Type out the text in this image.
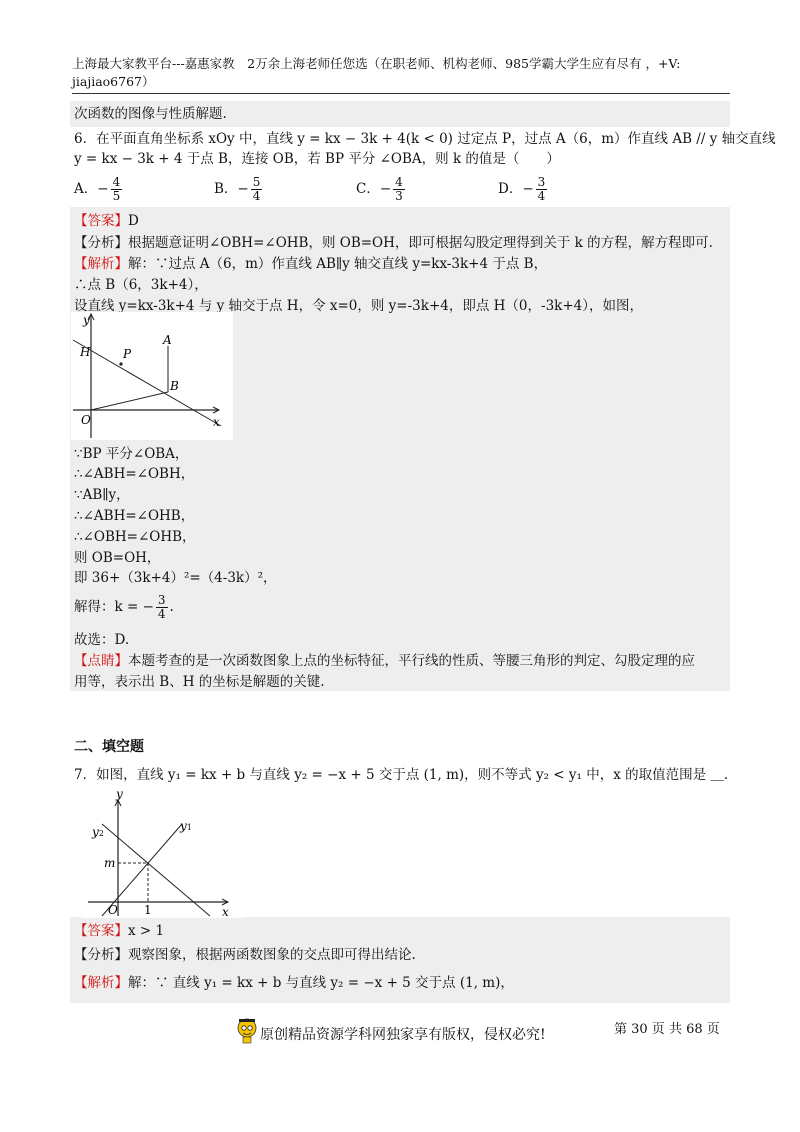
上海最大家教平台---嘉惠家教　2万余上海老师任您选（在职老师、机构老师、985学霸大学生应有尽有 ，+V: jiajiao6767）
次函数的图像与性质解题.
6．在平面直角坐标系 xOy 中，直线 y = kx − 3k + 4(k < 0) 过定点 P，过点 A（6，m）作直线 AB // y 轴交直线
y = kx − 3k + 4 于点 B，连接 OB，若 BP 平分 ∠OBA，则 k 的值是（　　）
A．− $\frac{4}{5}$	B．− $\frac{5}{4}$	C．− $\frac{4}{3}$	D．− $\frac{3}{4}$
【答案】D
【分析】根据题意证明∠OBH=∠OHB，则 OB=OH，即可根据勾股定理得到关于 k 的方程，解方程即可.
【解析】解：∵过点 A（6，m）作直线 AB∥y 轴交直线 y=kx-3k+4 于点 B，
∴点 B（6，3k+4），
设直线 y=kx-3k+4 与 y 轴交于点 H，令 x=0，则 y=-3k+4，即点 H（0，-3k+4），如图，
y
H	P
A
B
O	x
∵BP 平分∠OBA，
∴∠ABH=∠OBH，
∵AB∥y，
∴∠ABH=∠OHB，
∴∠OBH=∠OHB，
则 OB=OH，
即 36+（3k+4）²=（4-3k）²，
解得：k = − $\frac{3}{4}$ .
故选：D.
【点睛】本题考查的是一次函数图象上点的坐标特征，平行线的性质、等腰三角形的判定、勾股定理的应
用等，表示出 B、H 的坐标是解题的关键.
二、填空题
7．如图，直线 y₁ = kx + b 与直线 y₂ = −x + 5 交于点 (1, m)，则不等式 y₂ < y₁ 中，x 的取值范围是 ＿.
y
y2
y1
m
O 1	x
【答案】x > 1
【分析】观察图象，根据两函数图象的交点即可得出结论.
【解析】解：∵ 直线 y₁ = kx + b 与直线 y₂ = −x + 5 交于点 (1, m)，
第 30 页 共 68 页
原创精品资源学科网独家享有版权，侵权必究!
